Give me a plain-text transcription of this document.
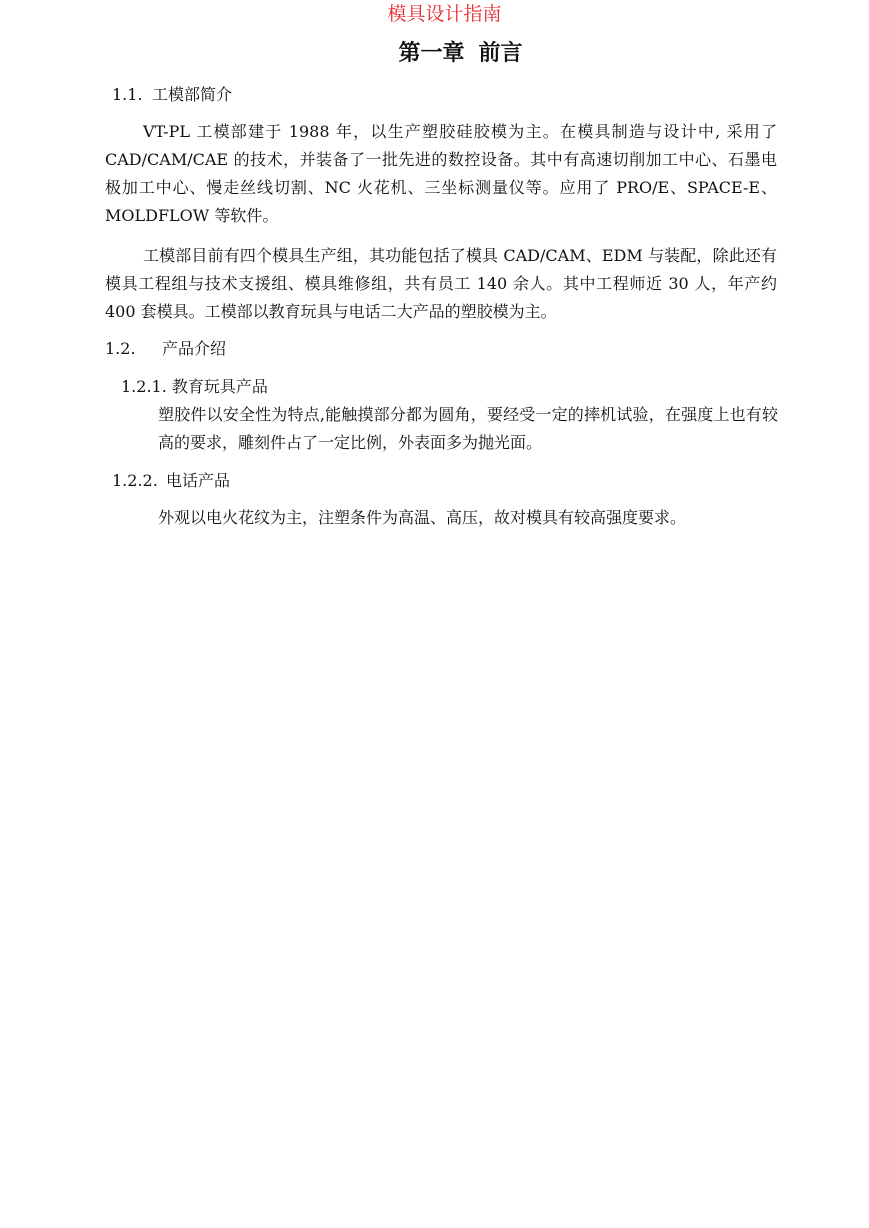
模具设计指南
第一章 前言
1.1. 工模部简介
VT-PL 工模部建于 1988 年，以生产塑胶硅胶模为主。在模具制造与设计中, 采用了 CAD/CAM/CAE 的技术，并装备了一批先进的数控设备。其中有高速切削加工中心、石墨电极加工中心、慢走丝线切割、NC 火花机、三坐标测量仪等。应用了 PRO/E、SPACE-E、MOLDFLOW 等软件。
工模部目前有四个模具生产组，其功能包括了模具 CAD/CAM、EDM 与装配，除此还有模具工程组与技术支援组、模具维修组，共有员工 140 余人。其中工程师近 30 人，年产约 400 套模具。工模部以教育玩具与电话二大产品的塑胶模为主。
1.2. 产品介绍
1.2.1. 教育玩具产品
塑胶件以安全性为特点,能触摸部分都为圆角，要经受一定的摔机试验，在强度上也有较高的要求，雕刻件占了一定比例，外表面多为抛光面。
1.2.2. 电话产品
外观以电火花纹为主，注塑条件为高温、高压，故对模具有较高强度要求。
